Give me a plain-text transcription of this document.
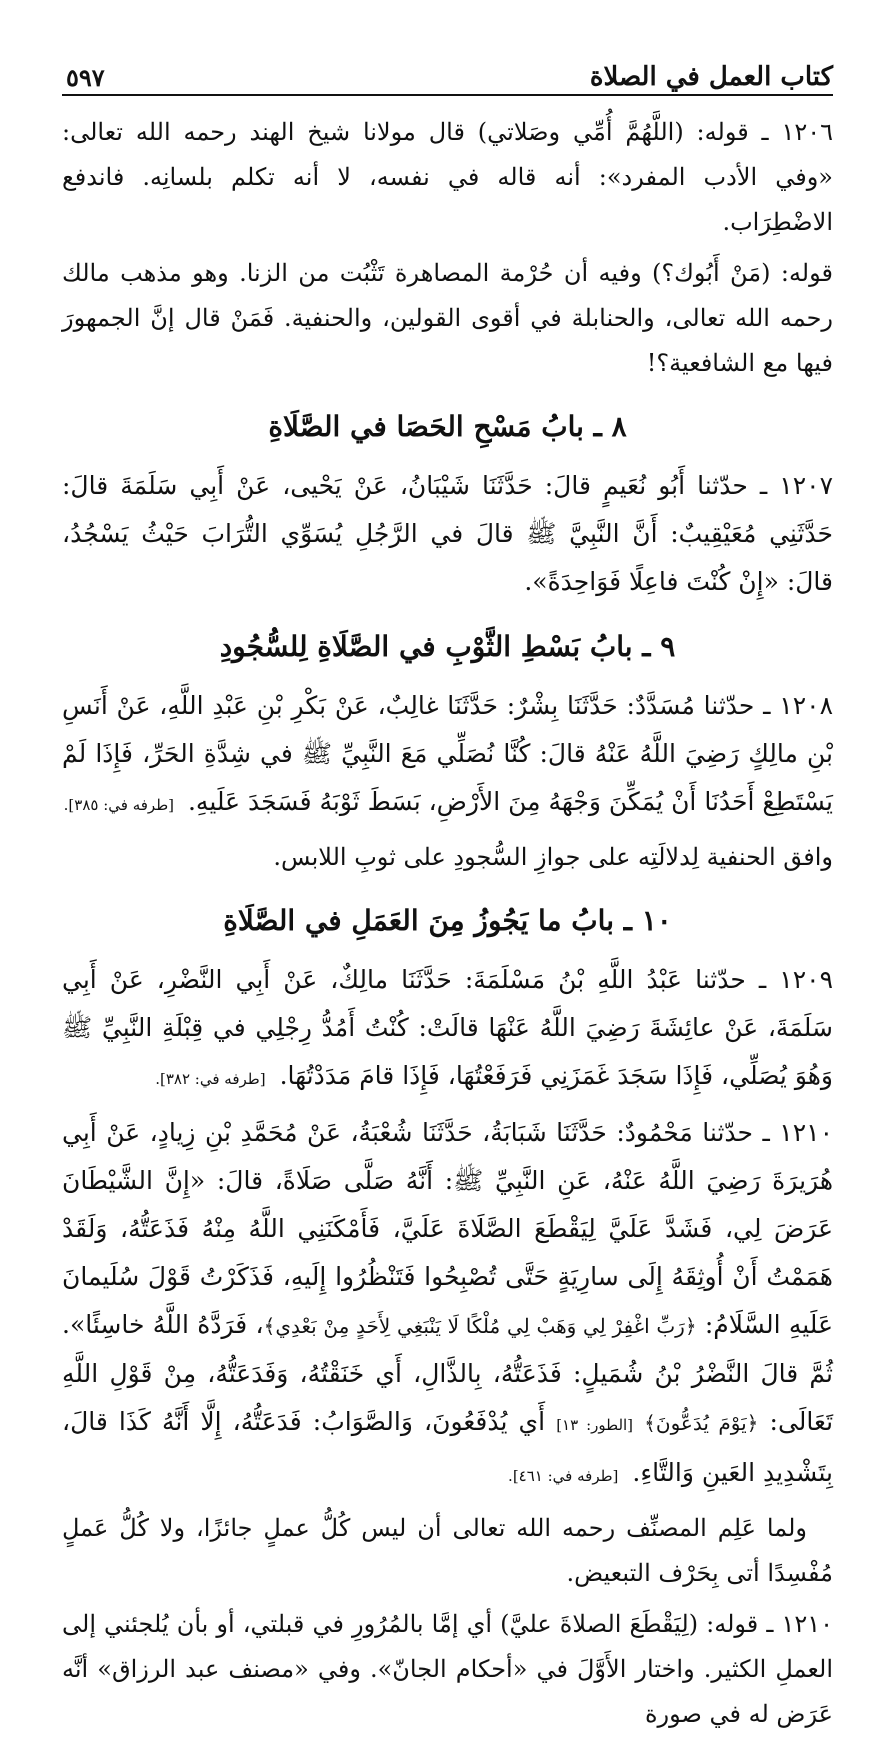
كتاب العمل في الصلاة
٥٩٧

١٢٠٦ ـ قوله: (اللَّهُمَّ أُمِّي وصَلاتي) قال مولانا شيخ الهند رحمه الله تعالى: «وفي الأدب المفرد»: أنه قاله في نفسه، لا أنه تكلم بلسانِه. فاندفع الاضْطِرَاب.

قوله: (مَنْ أَبُوك؟) وفيه أن حُرْمة المصاهرة تَثْبُت من الزنا. وهو مذهب مالك رحمه الله تعالى، والحنابلة في أقوى القولين، والحنفية. فَمَنْ قال إنَّ الجمهورَ فيها مع الشافعية؟!

٨ ـ بابُ مَسْحِ الحَصَا في الصَّلَاةِ

١٢٠٧ ـ حدّثنا أَبُو نُعَيمٍ قالَ: حَدَّثَنَا شَيْبَانُ، عَنْ يَحْيى، عَنْ أَبِي سَلَمَةَ قالَ: حَدَّثَنِي مُعَيْقِيبٌ: أَنَّ النَّبِيَّ ﷺ قالَ في الرَّجُلِ يُسَوِّي التُّرَابَ حَيْثُ يَسْجُدُ، قالَ: «إِنْ كُنْتَ فاعِلًا فَوَاحِدَةً».

٩ ـ بابُ بَسْطِ الثَّوْبِ في الصَّلَاةِ لِلسُّجُودِ

١٢٠٨ ـ حدّثنا مُسَدَّدٌ: حَدَّثَنَا بِشْرٌ: حَدَّثَنَا غالِبٌ، عَنْ بَكْرِ بْنِ عَبْدِ اللَّهِ، عَنْ أَنَسِ بْنِ مالِكٍ رَضِيَ اللَّهُ عَنْهُ قالَ: كُنَّا نُصَلِّي مَعَ النَّبِيِّ ﷺ في شِدَّةِ الحَرِّ، فَإِذَا لَمْ يَسْتَطِعْ أَحَدُنَا أَنْ يُمَكِّنَ وَجْهَهُ مِنَ الأَرْضِ، بَسَطَ ثَوْبَهُ فَسَجَدَ عَلَيهِ.[طرفه في: ٣٨٥].

وافق الحنفية لِدلالَتِه على جوازِ السُّجودِ على ثوبِ اللابس.

١٠ ـ بابُ ما يَجُوزُ مِنَ العَمَلِ في الصَّلَاةِ

١٢٠٩ ـ حدّثنا عَبْدُ اللَّهِ بْنُ مَسْلَمَةَ: حَدَّثَنَا مالِكٌ، عَنْ أَبِي النَّضْرِ، عَنْ أَبِي سَلَمَةَ، عَنْ عائِشَةَ رَضِيَ اللَّهُ عَنْهَا قالَتْ: كُنْتُ أَمُدُّ رِجْلِي في قِبْلَةِ النَّبِيِّ ﷺ وَهُوَ يُصَلِّي، فَإِذَا سَجَدَ غَمَزَنِي فَرَفَعْتُهَا، فَإِذَا قامَ مَدَدْتُهَا.[طرفه في: ٣٨٢].

١٢١٠ ـ حدّثنا مَحْمُودٌ: حَدَّثَنَا شَبَابَةُ، حَدَّثَنَا شُعْبَةُ، عَنْ مُحَمَّدِ بْنِ زِيادٍ، عَنْ أَبِي هُرَيرَةَ رَضِيَ اللَّهُ عَنْهُ، عَنِ النَّبِيِّ ﷺ: أَنَّهُ صَلَّى صَلَاةً، قالَ: «إِنَّ الشَّيْطَانَ عَرَضَ لِي، فَشَدَّ عَلَيَّ لِيَقْطَعَ الصَّلَاةَ عَلَيَّ، فَأَمْكَنَنِي اللَّهُ مِنْهُ فَذَعَتُّهُ، وَلَقَدْ هَمَمْتُ أَنْ أُوثِقَهُ إِلَى سارِيَةٍ حَتَّى تُصْبِحُوا فَتَنْظُرُوا إِلَيهِ، فَذَكَرْتُ قَوْلَ سُلَيمانَ عَلَيهِ السَّلَامُ: ﴿رَبِّ اغْفِرْ لِي وَهَبْ لِي مُلْكًا لَا يَنْبَغِي لِأَحَدٍ مِنْ بَعْدِي﴾، فَرَدَّهُ اللَّهُ خاسِئًا». ثُمَّ قالَ النَّضْرُ بْنُ شُمَيلٍ: فَذَعَتُّهُ، بِالذَّالِ، أَي خَنَقْتُهُ، وَفَدَعَتُّهُ، مِنْ قَوْلِ اللَّهِ تَعَالَى: ﴿يَوْمَ يُدَعُّونَ﴾ [الطور: ١٣] أَي يُدْفَعُونَ، وَالصَّوَابُ: فَدَعَتُّهُ، إِلَّا أَنَّهُ كَذَا قالَ، بِتَشْدِيدِ العَينِ وَالتَّاءِ.[طرفه في: ٤٦١].

ولما عَلِم المصنِّف رحمه الله تعالى أن ليس كُلُّ عملٍ جائزًا، ولا كُلُّ عَملٍ مُفْسِدًا أتى بِحَرْف التبعيض.

١٢١٠ ـ قوله: (لِيَقْطَعَ الصلاةَ عليَّ) أي إمَّا بالمُرُورِ في قبلتي، أو بأن يُلجئني إلى العملِ الكثير. واختار الأَوَّلَ في «أحكام الجانّ». وفي «مصنف عبد الرزاق» أنَّه عَرَض له في صورة
